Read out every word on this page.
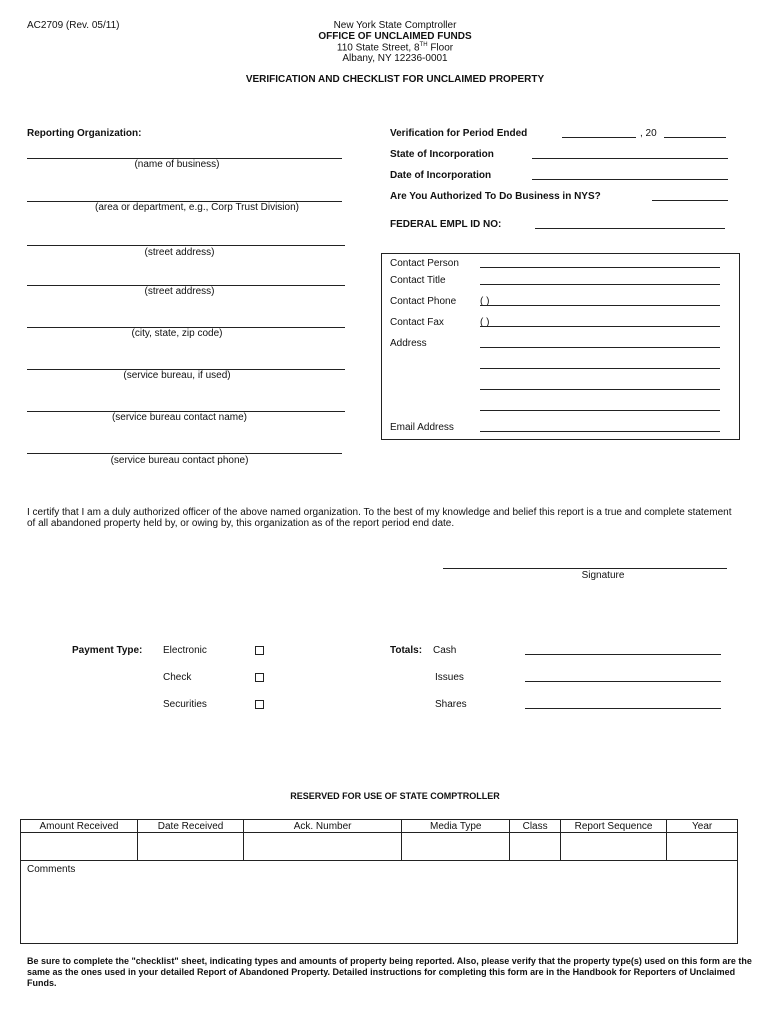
AC2709 (Rev. 05/11)	New York State Comptroller
OFFICE OF UNCLAIMED FUNDS
110 State Street, 8TH Floor
Albany, NY 12236-0001
VERIFICATION AND CHECKLIST FOR UNCLAIMED PROPERTY
Reporting Organization:
(name of business)
(area or department, e.g., Corp Trust Division)
(street address)
(street address)
(city, state, zip code)
(service bureau, if used)
(service bureau contact name)
(service bureau contact phone)
Verification for Period Ended	, 20
State of Incorporation
Date of Incorporation
Are You Authorized To Do Business in NYS?
FEDERAL EMPL ID NO:
Contact Person
Contact Title
Contact Phone ( )
Contact Fax	( )
Address
Email Address
I certify that I am a duly authorized officer of the above named organization. To the best of my knowledge and belief this report is a true and complete statement of all abandoned property held by, or owing by, this organization as of the report period end date.
Signature
Payment Type: Electronic
Check
Securities
Totals: Cash
Issues
Shares
RESERVED FOR USE OF STATE COMPTROLLER
Amount Received	Date Received	Ack. Number	Media Type	Class	Report Sequence	Year

Comments						
Be sure to complete the "checklist" sheet, indicating types and amounts of property being reported. Also, please verify that the property type(s) used on this form are the same as the ones used in your detailed Report of Abandoned Property. Detailed instructions for completing this form are in the Handbook for Reporters of Unclaimed Funds.
